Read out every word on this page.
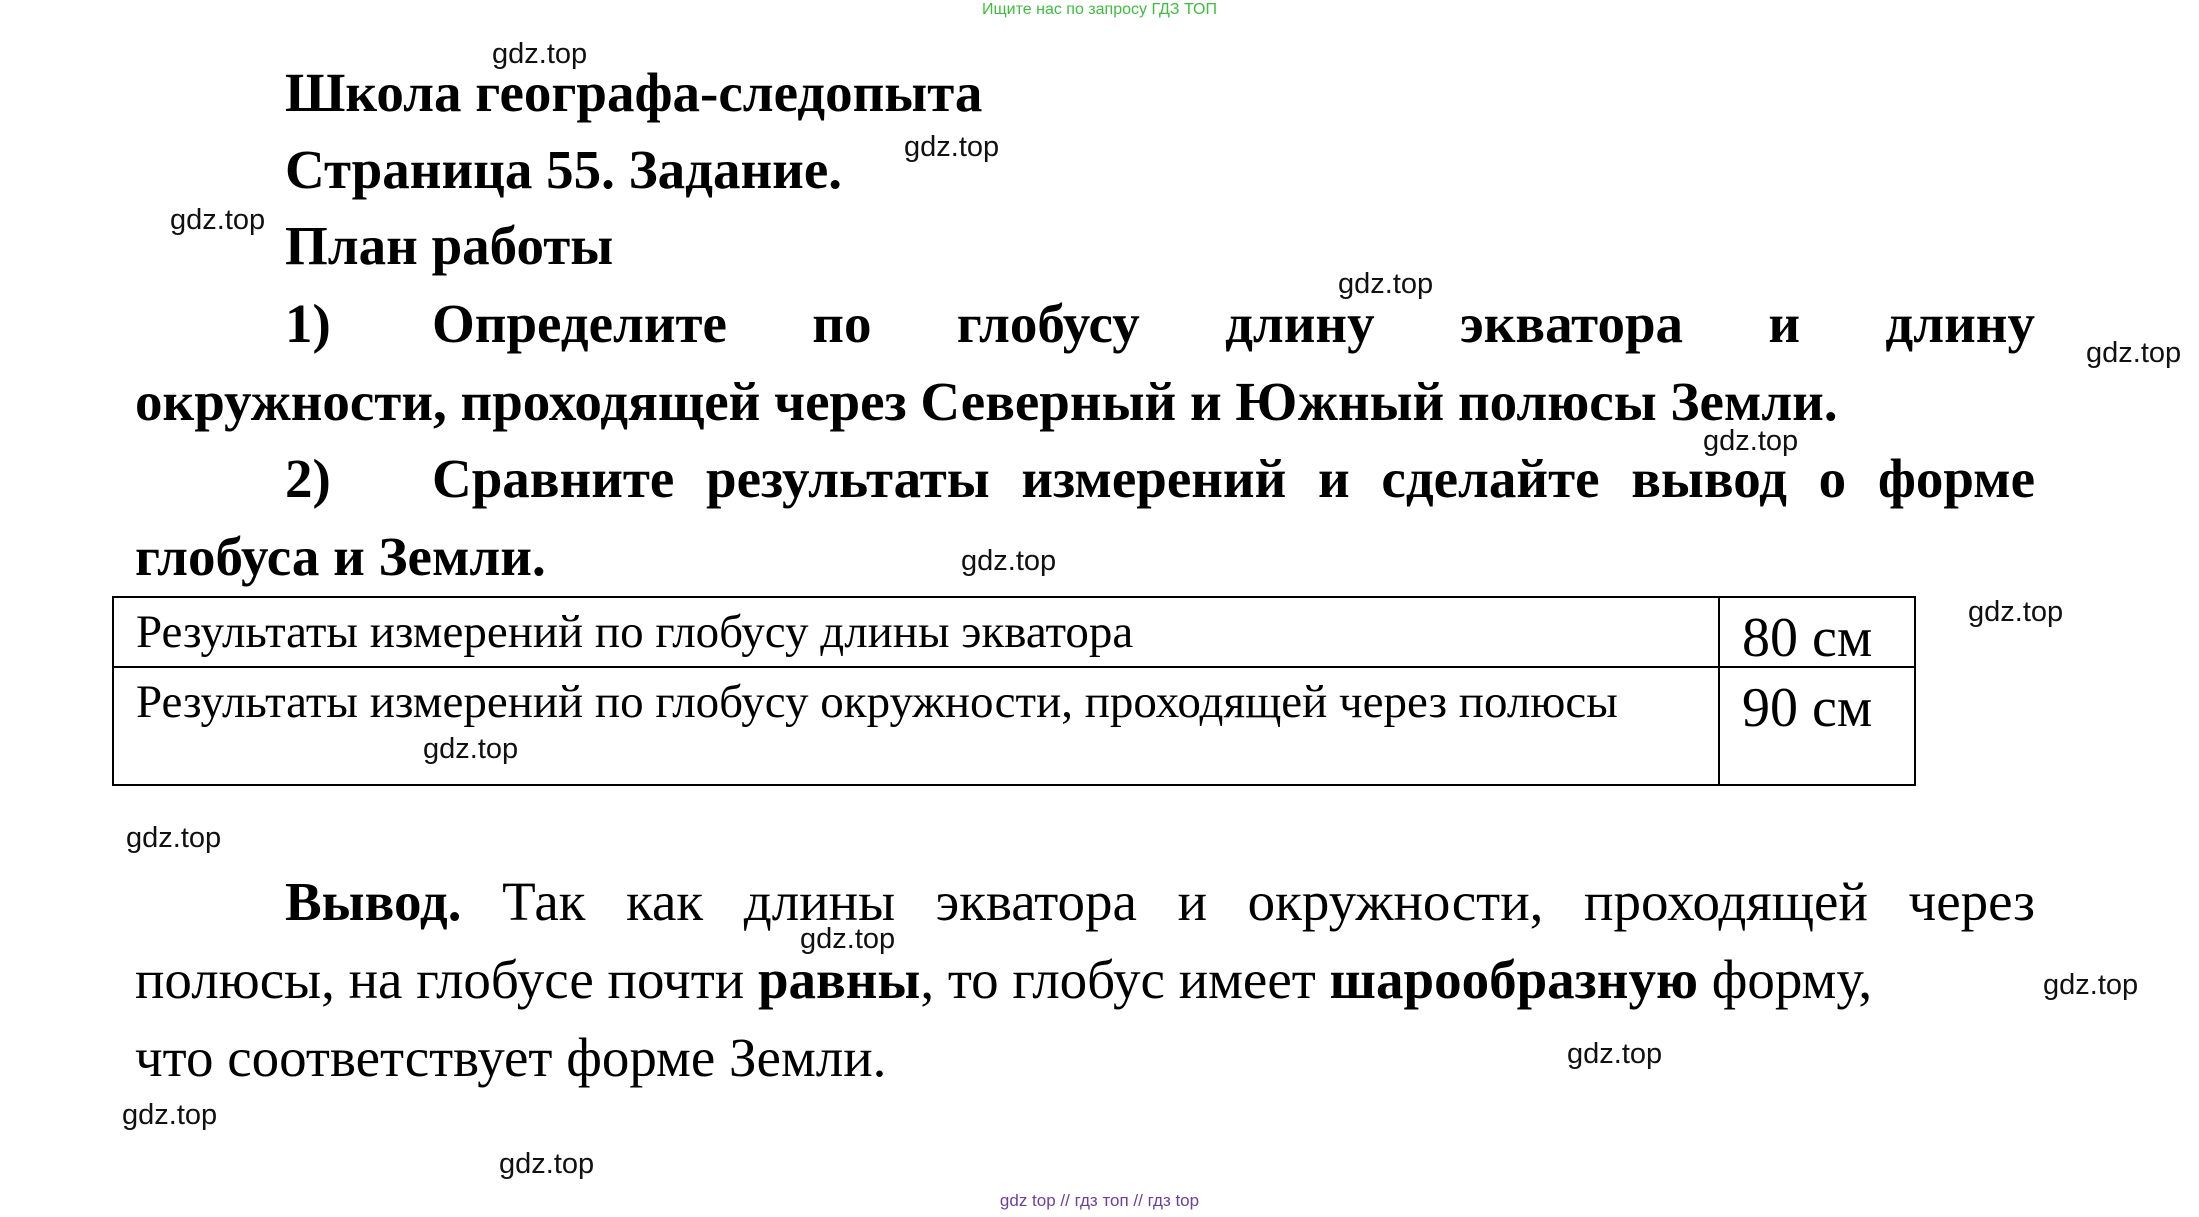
Ищите нас по запросу ГДЗ ТОП
gdz top // гдз топ // гдз top
Школа географа-следопыта
Страница 55. Задание.
План работы
1) Определите по глобусу длину экватора и длину
окружности, проходящей через Северный и Южный полюсы Земли.
2) Сравните результаты измерений и сделайте вывод о форме
глобуса и Земли.
Результаты измерений по глобусу длины экватора	80 см
Результаты измерений по глобусу окружности, проходящей через полюсы	90 см
Вывод. Так как длины экватора и окружности, проходящей через
полюсы, на глобусе почти равны, то глобус имеет шарообразную форму,
что соответствует форме Земли.
gdz.top
gdz.top
gdz.top
gdz.top
gdz.top
gdz.top
gdz.top
gdz.top
gdz.top
gdz.top
gdz.top
gdz.top
gdz.top
gdz.top
gdz.top
